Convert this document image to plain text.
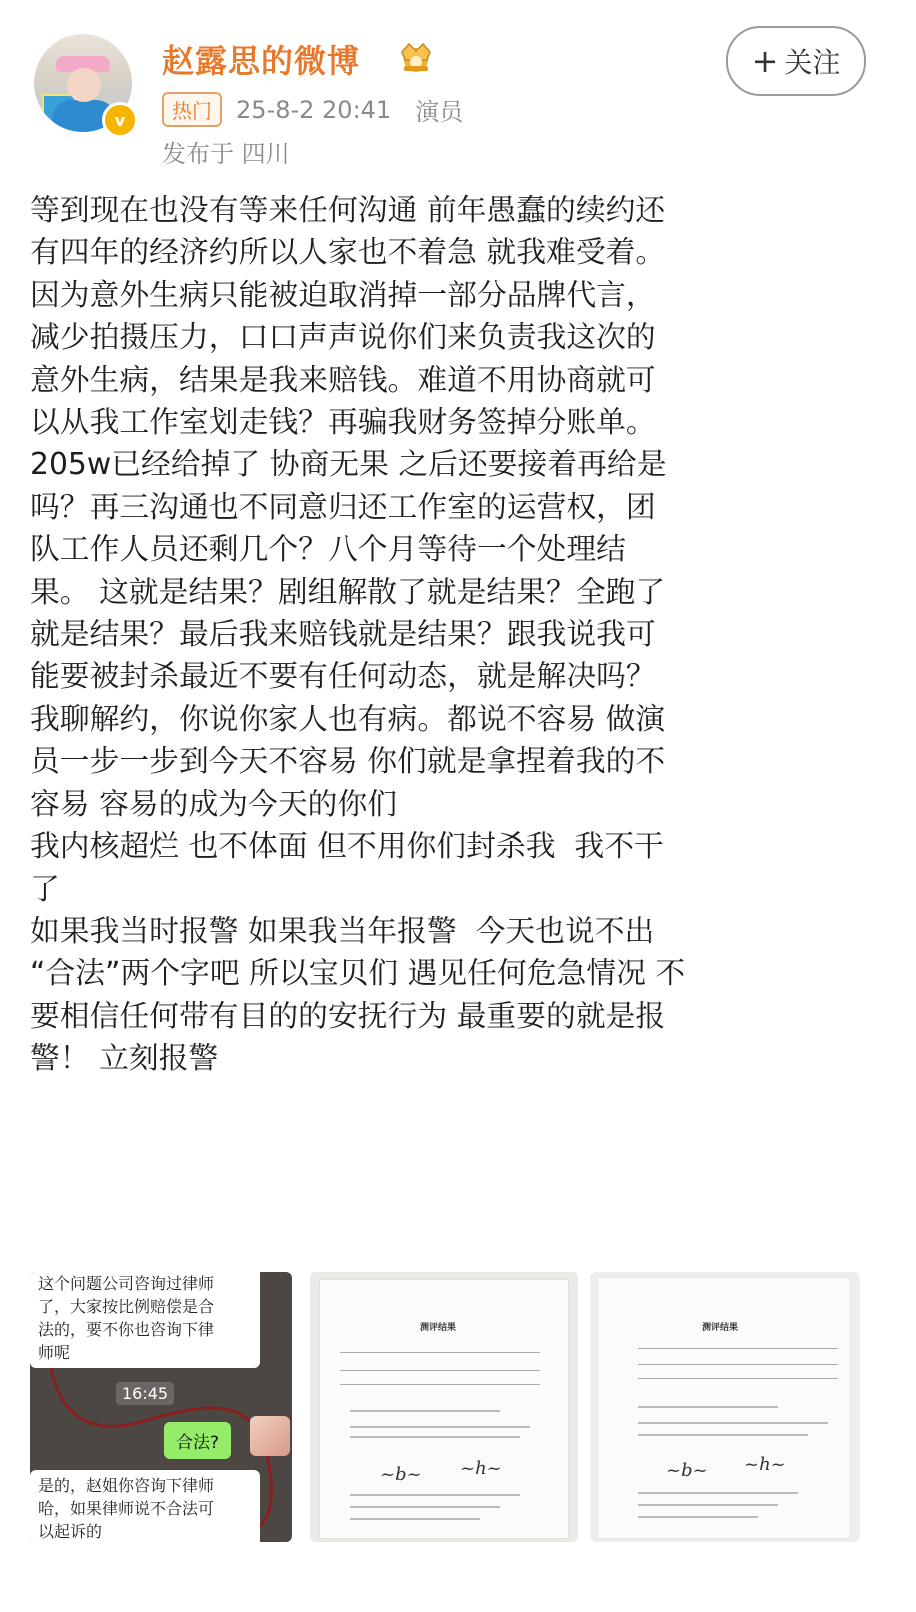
v
赵露思的微博
热门	25-8-2 20:41 演员
发布于 四川
+ 关注
等到现在也没有等来任何沟通 前年愚蠢的续约还
有四年的经济约所以人家也不着急 就我难受着。
因为意外生病只能被迫取消掉一部分品牌代言，
减少拍摄压力，口口声声说你们来负责我这次的
意外生病，结果是我来赔钱。难道不用协商就可
以从我工作室划走钱？再骗我财务签掉分账单。
205w已经给掉了 协商无果 之后还要接着再给是
吗？再三沟通也不同意归还工作室的运营权，团
队工作人员还剩几个？八个月等待一个处理结
果。 这就是结果？剧组解散了就是结果？全跑了
就是结果？最后我来赔钱就是结果？跟我说我可
能要被封杀最近不要有任何动态，就是解决吗？
我聊解约，你说你家人也有病。都说不容易 做演
员一步一步到今天不容易 你们就是拿捏着我的不
容易 容易的成为今天的你们
我内核超烂 也不体面 但不用你们封杀我  我不干
了
如果我当时报警 如果我当年报警  今天也说不出
“合法”两个字吧 所以宝贝们 遇见任何危急情况 不
要相信任何带有目的的安抚行为 最重要的就是报
警！ 立刻报警
这个问题公司咨询过律师
了，大家按比例赔偿是合
法的，要不你也咨询下律
师呢
16:45
合法?
是的，赵姐你咨询下律师
哈，如果律师说不合法可
以起诉的
测评结果
~b~ ~h~
测评结果
~b~ ~h~
